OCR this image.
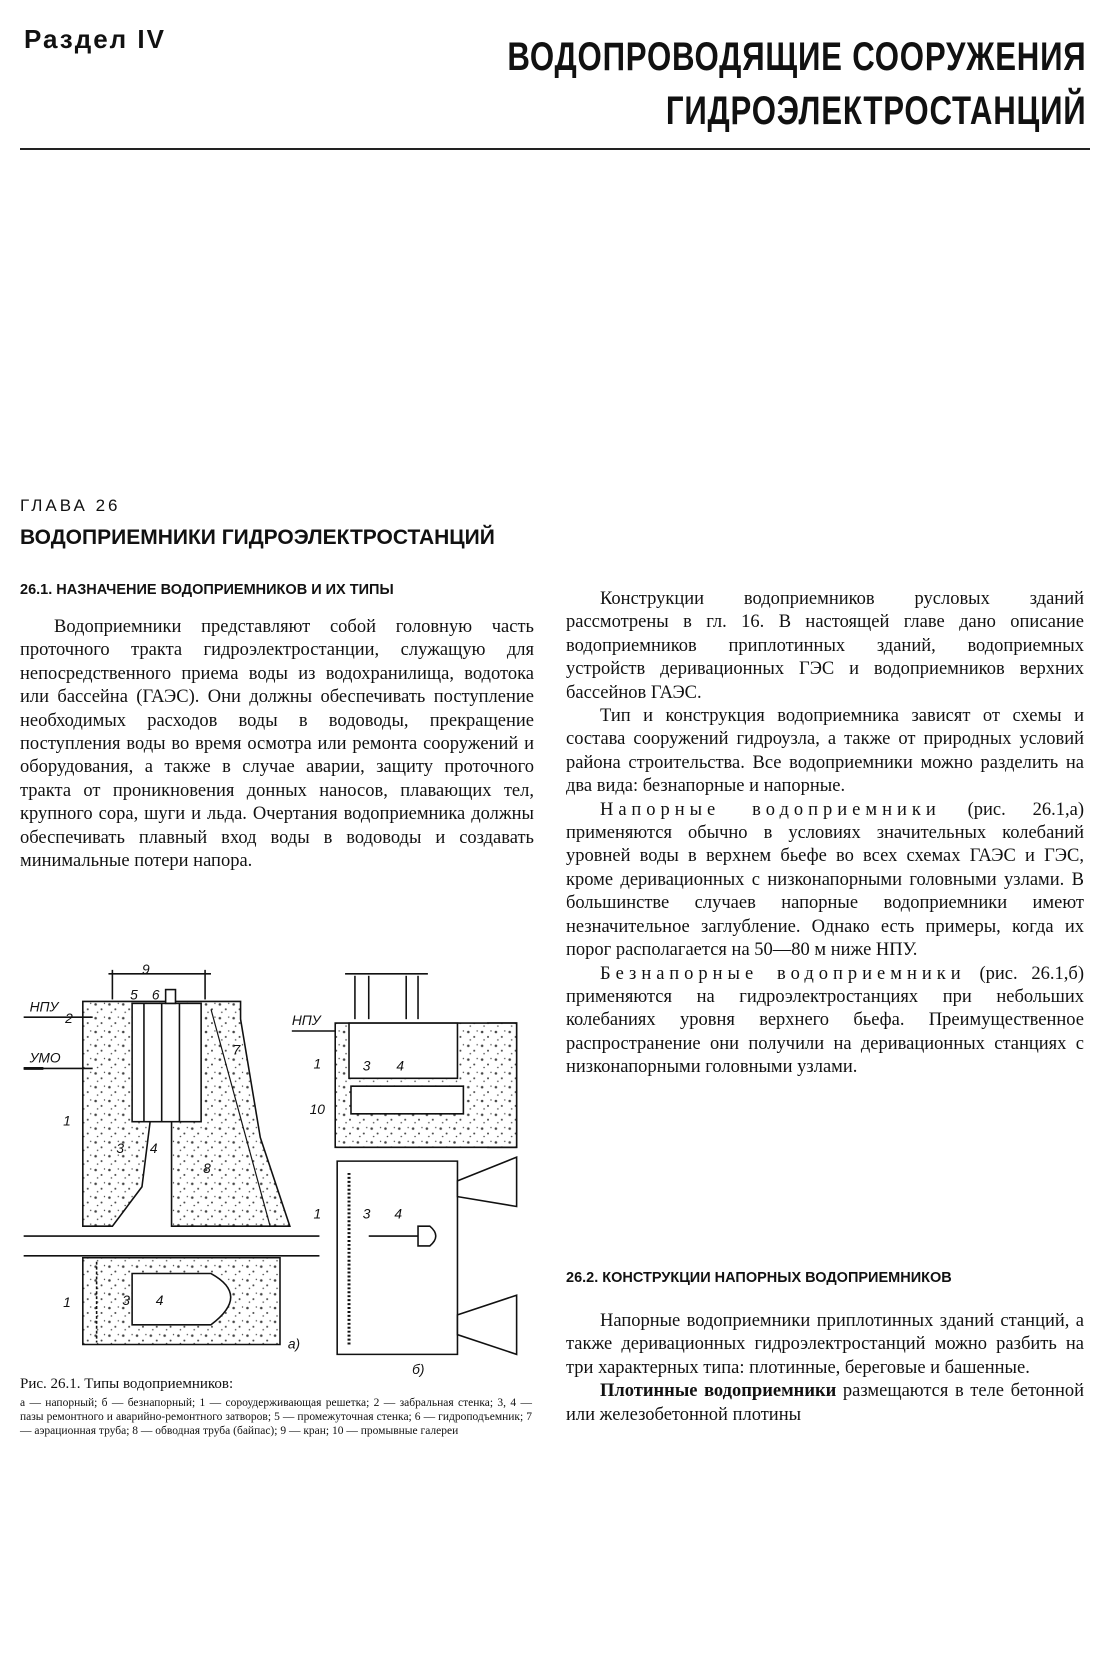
Раздел IV	ВОДОПРОВОДЯЩИЕ СООРУЖЕНИЯ
ГИДРОЭЛЕКТРОСТАНЦИЙ
ГЛАВА 26
ВОДОПРИЕМНИКИ ГИДРОЭЛЕКТРОСТАНЦИЙ
26.1. НАЗНАЧЕНИЕ ВОДОПРИЕМНИКОВ И ИХ ТИПЫ
Водоприемники представляют собой головную часть проточного тракта гидроэлектростанции, служащую для непосредственного приема воды из водохранилища, водотока или бассейна (ГАЭС). Они должны обеспечивать поступление необходимых расходов воды в водоводы, прекращение поступления воды во время осмотра или ремонта сооружений и оборудования, а также в случае аварии, защиту проточного тракта от проникновения донных наносов, плавающих тел, крупного сора, шуги и льда. Очертания водоприемника должны обеспечивать плавный вход воды в водоводы и создавать минимальные потери напора.
НПУ
УМО
2
1
3 4
5 6
7
8
9
1	3 4
а)
НПУ
1	3 4
10
1	3 4
б)
Рис. 26.1. Типы водоприемников:
а — напорный; б — безнапорный; 1 — сороудерживающая решетка; 2 — забральная стенка; 3, 4 — пазы ремонтного и аварийно-ремонтного затворов; 5 — промежуточная стенка; 6 — гидроподъемник; 7 — аэрационная труба; 8 — обводная труба (байпас); 9 — кран; 10 — промывные галереи
Конструкции водоприемников русловых зданий рассмотрены в гл. 16. В настоящей главе дано описание водоприемников приплотинных зданий, водоприемных устройств деривационных ГЭС и водоприемников верхних бассейнов ГАЭС.
Тип и конструкция водоприемника зависят от схемы и состава сооружений гидроузла, а также от природных условий района строительства. Все водоприемники можно разделить на два вида: безнапорные и напорные.
Напорные водоприемники (рис. 26.1,а) применяются обычно в условиях значительных колебаний уровней воды в верхнем бьефе во всех схемах ГАЭС и ГЭС, кроме деривационных с низконапорными головными узлами. В большинстве случаев напорные водоприемники имеют незначительное заглубление. Однако есть примеры, когда их порог располагается на 50—80 м ниже НПУ.
Безнапорные водоприемники (рис. 26.1,б) применяются на гидроэлектростанциях при небольших колебаниях уровня верхнего бьефа. Преимущественное распространение они получили на деривационных станциях с низконапорными головными узлами.
26.2. КОНСТРУКЦИИ НАПОРНЫХ ВОДОПРИЕМНИКОВ
Напорные водоприемники приплотинных зданий станций, а также деривационных гидроэлектростанций можно разбить на три характерных типа: плотинные, береговые и башенные.
Плотинные водоприемники размещаются в теле бетонной или железобетонной плотины
